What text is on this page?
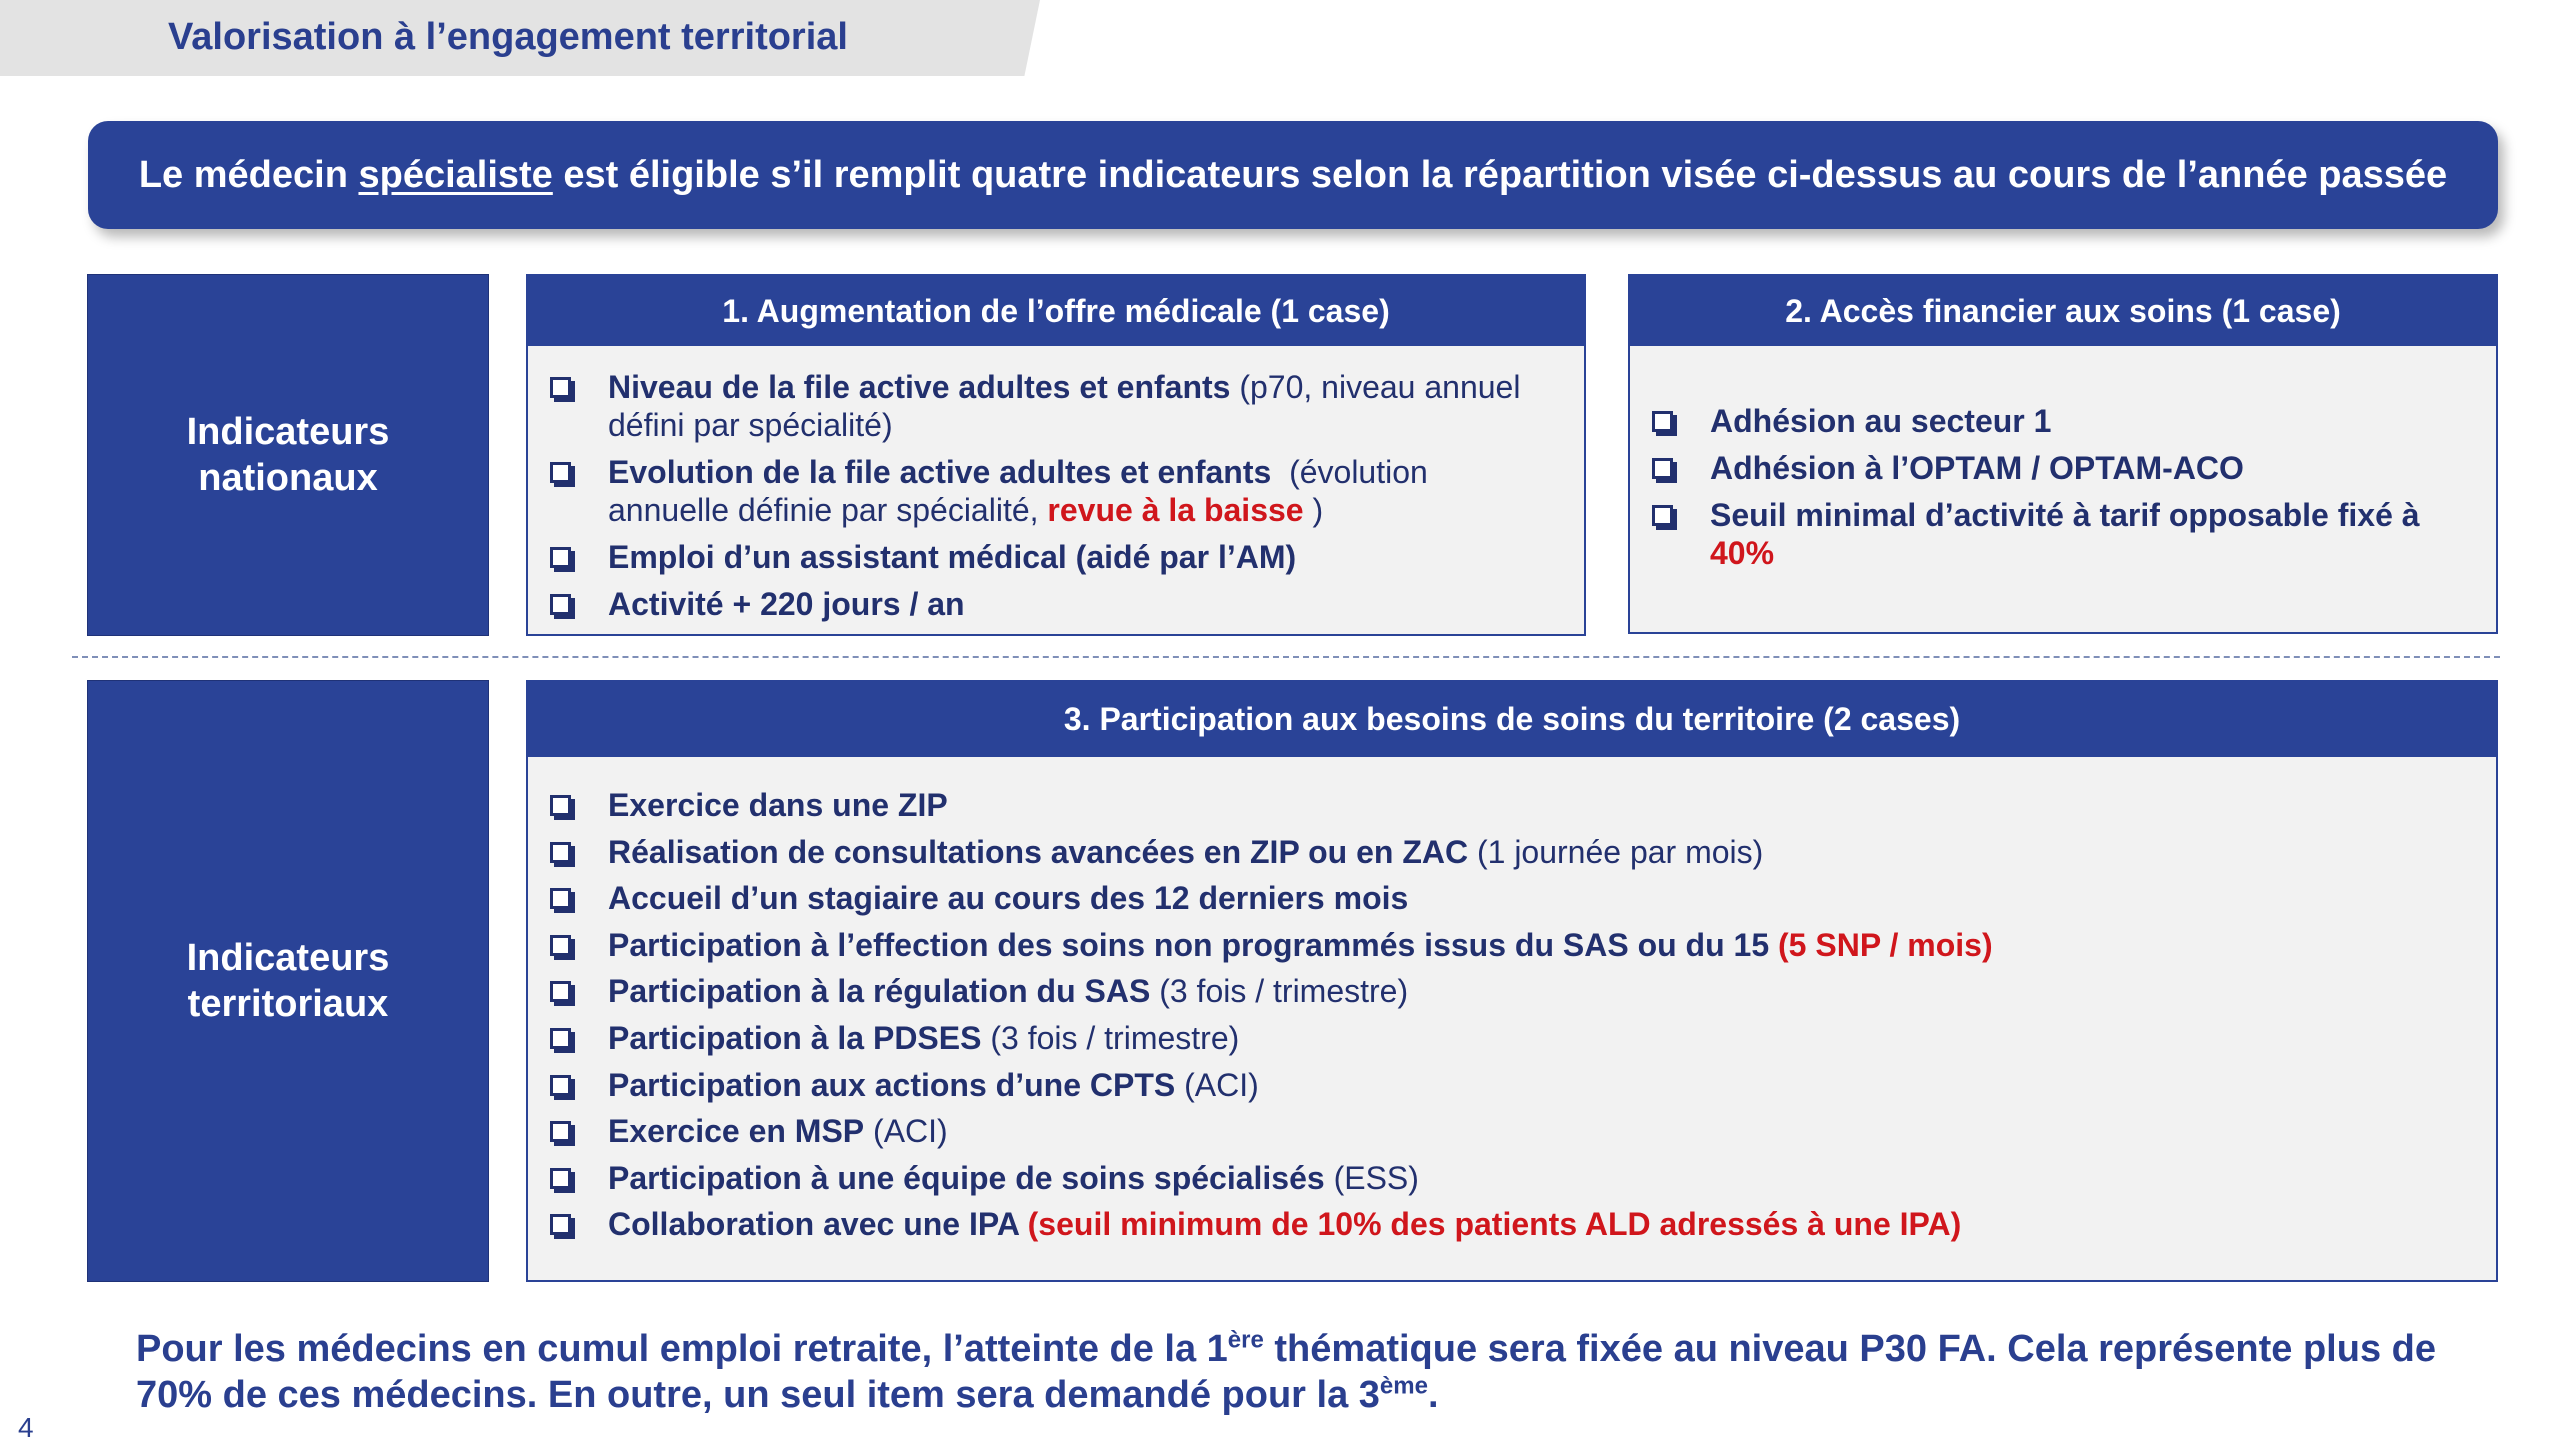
Valorisation à l’engagement territorial
Le médecin spécialiste est éligible s’il remplit quatre indicateurs selon la répartition visée ci-dessus au cours de l’année passée
Indicateurs
nationaux
1. Augmentation de l’offre médicale (1 case)
Niveau de la file active adultes et enfants (p70, niveau annuel défini par spécialité)
Evolution de la file active adultes et enfants  (évolution annuelle définie par spécialité, revue à la baisse )
Emploi d’un assistant médical (aidé par l’AM)
Activité + 220 jours / an
2. Accès financier aux soins (1 case)
Adhésion au secteur 1
Adhésion à l’OPTAM / OPTAM-ACO
Seuil minimal d’activité à tarif opposable fixé à 40%
Indicateurs
territoriaux
3. Participation aux besoins de soins du territoire (2 cases)
Exercice dans une ZIP
Réalisation de consultations avancées en ZIP ou en ZAC (1 journée par mois)
Accueil d’un stagiaire au cours des 12 derniers mois
Participation à l’effection des soins non programmés issus du SAS ou du 15 (5 SNP / mois)
Participation à la régulation du SAS (3 fois / trimestre)
Participation à la PDSES (3 fois / trimestre)
Participation aux actions d’une CPTS (ACI)
Exercice en MSP (ACI)
Participation à une équipe de soins spécialisés (ESS)
Collaboration avec une IPA (seuil minimum de 10% des patients ALD adressés à une IPA)
Pour les médecins en cumul emploi retraite, l’atteinte de la 1ère thématique sera fixée au niveau P30 FA. Cela représente plus de 70% de ces médecins. En outre, un seul item sera demandé pour la 3ème.
4
